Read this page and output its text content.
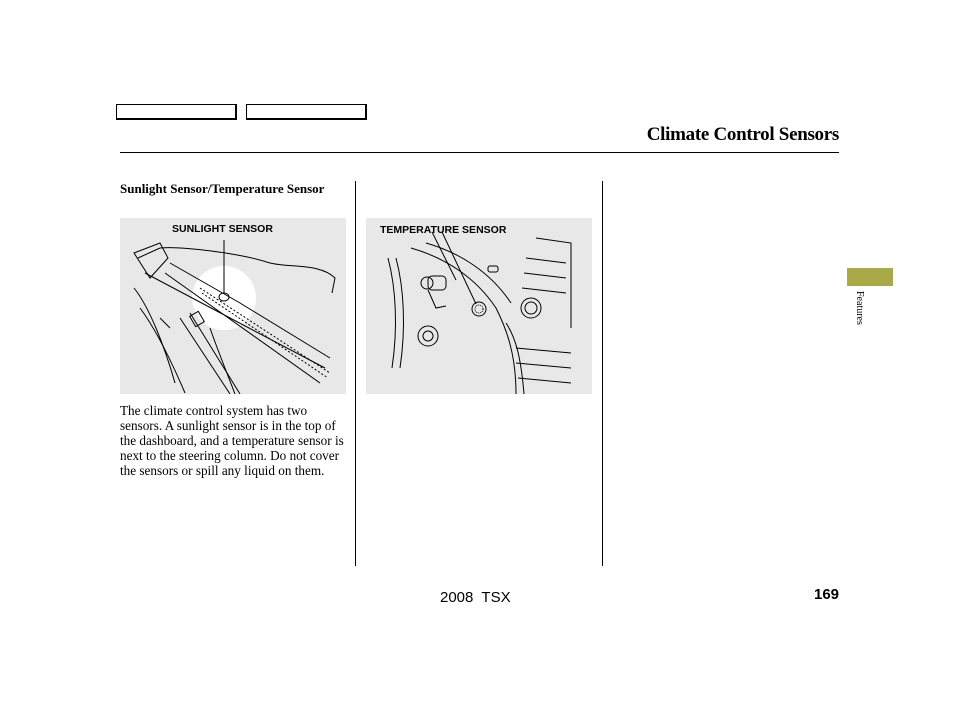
Climate Control Sensors
Sunlight Sensor/Temperature Sensor
SUNLIGHT SENSOR	TEMPERATURE SENSOR
The climate control system has two sensors. A sunlight sensor is in the top of the dashboard, and a temperature sensor is next to the steering column. Do not cover the sensors or spill any liquid on them.
Features
2008  TSX	169
